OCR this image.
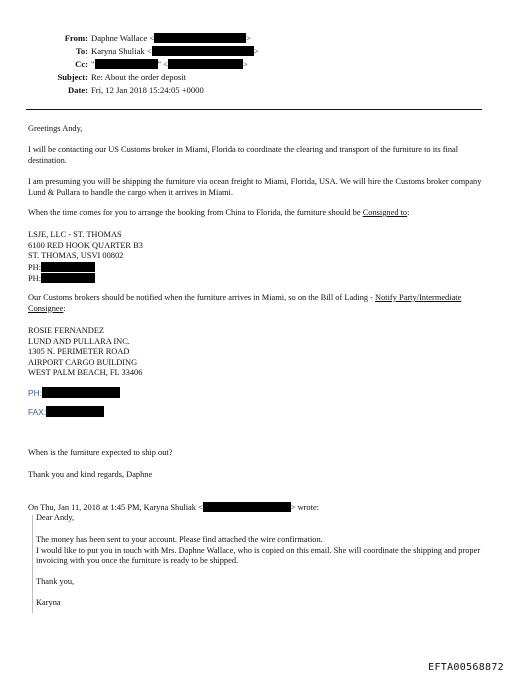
From: Daphne Wallace <	>
To: Karyna Shuliak <	>
Cc: "	" <	>
Subject: Re: About the order deposit
Date: Fri, 12 Jan 2018 15:24:05 +0000
Greetings Andy,
I will be contacting our US Customs broker in Miami, Florida to coordinate the clearing and transport of the furniture to its final destination.
I am presuming you will be shipping the furniture via ocean freight to Miami, Florida, USA. We will hire the Customs broker company Lund & Pullara to handle the cargo when it arrives in Miami.
When the time comes for you to arrange the booking from China to Florida, the furniture should be Consigned to:
LSJE, LLC - ST. THOMAS
6100 RED HOOK QUARTER B3
ST. THOMAS, USVI 00802
PH:
PH:
Our Customs brokers should be notified when the furniture arrives in Miami, so on the Bill of Lading - Notify Party/Intermediate Consignee:
ROSIE FERNANDEZ
LUND AND PULLARA INC.
1305 N. PERIMETER ROAD
AIRPORT CARGO BUILDING
WEST PALM BEACH, FL 33406
PH:
FAX:
When is the furniture expected to ship out?
Thank you and kind regards, Daphne
On Thu, Jan 11, 2018 at 1:45 PM, Karyna Shuliak <	> wrote:
Dear Andy,
The money has been sent to your account. Please find attached the wire confirmation.
I would like to put you in touch with Mrs. Daphne Wallace, who is copied on this email. She will coordinate the shipping and proper invoicing with you once the furniture is ready to be shipped.
Thank you,
Karyna
EFTA00568872
